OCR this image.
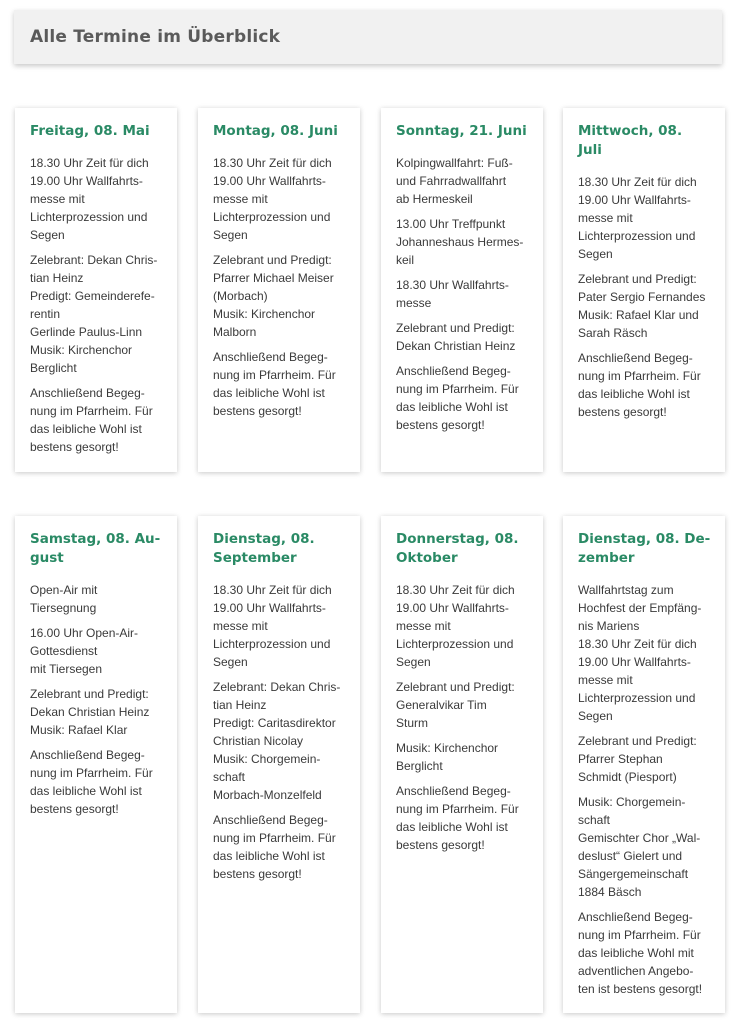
Alle Termine im Überblick
Freitag, 08. Mai

18.30 Uhr Zeit für dich
19.00 Uhr Wallfahrts-
messe mit
Lichterprozession und
Segen

Zelebrant: Dekan Chris-
tian Heinz
Predigt: Gemeinderefe-
rentin
Gerlinde Paulus-Linn
Musik: Kirchenchor
Berglicht

Anschließend Begeg-
nung im Pfarrheim. Für
das leibliche Wohl ist
bestens gesorgt!

Montag, 08. Juni

18.30 Uhr Zeit für dich
19.00 Uhr Wallfahrts-
messe mit
Lichterprozession und
Segen

Zelebrant und Predigt:
Pfarrer Michael Meiser
(Morbach)
Musik: Kirchenchor
Malborn

Anschließend Begeg-
nung im Pfarrheim. Für
das leibliche Wohl ist
bestens gesorgt!

Sonntag, 21. Juni

Kolpingwallfahrt: Fuß-
und Fahrradwallfahrt
ab Hermeskeil

13.00 Uhr Treffpunkt
Johanneshaus Hermes-
keil

18.30 Uhr Wallfahrts-
messe

Zelebrant und Predigt:
Dekan Christian Heinz

Anschließend Begeg-
nung im Pfarrheim. Für
das leibliche Wohl ist
bestens gesorgt!

Mittwoch, 08.
Juli

18.30 Uhr Zeit für dich
19.00 Uhr Wallfahrts-
messe mit
Lichterprozession und
Segen

Zelebrant und Predigt:
Pater Sergio Fernandes
Musik: Rafael Klar und
Sarah Räsch

Anschließend Begeg-
nung im Pfarrheim. Für
das leibliche Wohl ist
bestens gesorgt!

Samstag, 08. Au-
gust

Open-Air mit
Tiersegnung

16.00 Uhr Open-Air-
Gottesdienst
mit Tiersegen

Zelebrant und Predigt:
Dekan Christian Heinz
Musik: Rafael Klar

Anschließend Begeg-
nung im Pfarrheim. Für
das leibliche Wohl ist
bestens gesorgt!

Dienstag, 08.
September

18.30 Uhr Zeit für dich
19.00 Uhr Wallfahrts-
messe mit
Lichterprozession und
Segen

Zelebrant: Dekan Chris-
tian Heinz
Predigt: Caritasdirektor
Christian Nicolay
Musik: Chorgemein-
schaft
Morbach-Monzelfeld

Anschließend Begeg-
nung im Pfarrheim. Für
das leibliche Wohl ist
bestens gesorgt!

Donnerstag, 08.
Oktober

18.30 Uhr Zeit für dich
19.00 Uhr Wallfahrts-
messe mit
Lichterprozession und
Segen

Zelebrant und Predigt:
Generalvikar Tim
Sturm

Musik: Kirchenchor
Berglicht

Anschließend Begeg-
nung im Pfarrheim. Für
das leibliche Wohl ist
bestens gesorgt!

Dienstag, 08. De-
zember

Wallfahrtstag zum
Hochfest der Empfäng-
nis Mariens
18.30 Uhr Zeit für dich
19.00 Uhr Wallfahrts-
messe mit
Lichterprozession und
Segen

Zelebrant und Predigt:
Pfarrer Stephan
Schmidt (Piesport)

Musik: Chorgemein-
schaft
Gemischter Chor „Wal-
deslust“ Gielert und
Sängergemeinschaft
1884 Bäsch

Anschließend Begeg-
nung im Pfarrheim. Für
das leibliche Wohl mit
adventlichen Angebo-
ten ist bestens gesorgt!
